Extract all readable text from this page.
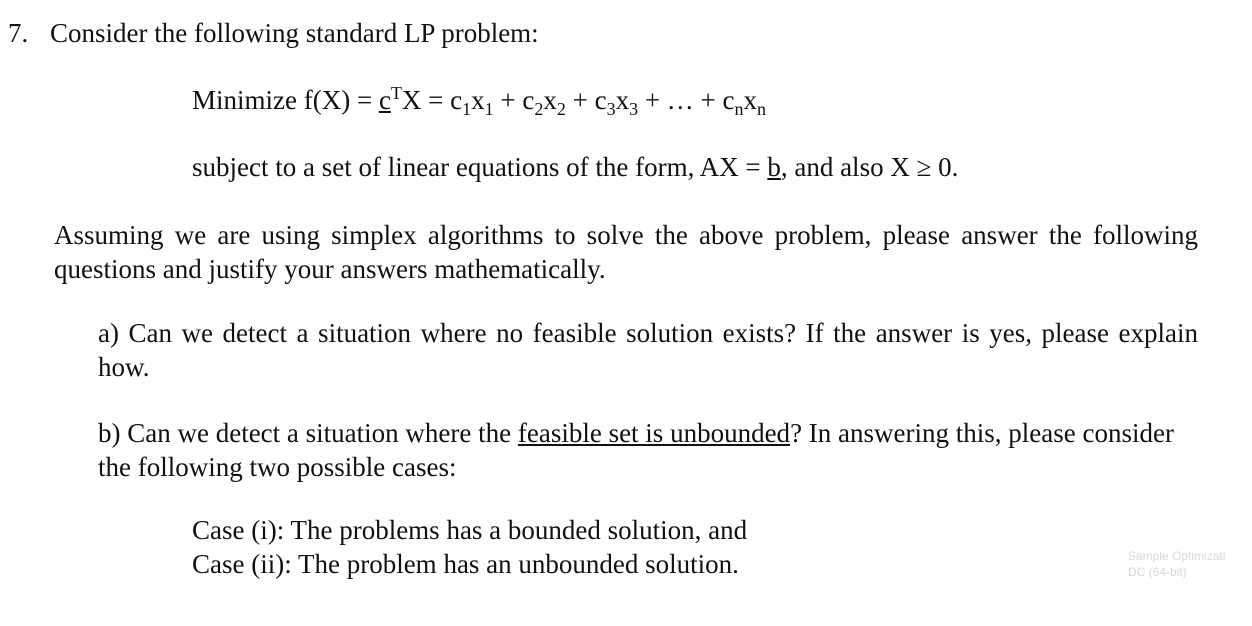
7. Consider the following standard LP problem:
Minimize $f(X) = c^TX = c_1x_1 + c_2x_2 + c_3x_3$ + … + $c_nx_n$
subject to a set of linear equations of the form, AX = b, and also X ≥ 0.
Assuming we are using simplex algorithms to solve the above problem, please answer the following questions and justify your answers mathematically.
a) Can we detect a situation where no feasible solution exists? If the answer is yes, please explain how.
b) Can we detect a situation where the feasible set is unbounded? In answering this, please consider the following two possible cases:
Case (i): The problems has a bounded solution, and
Case (ii): The problem has an unbounded solution.	Sample Optimizati
DC (64-bit)
